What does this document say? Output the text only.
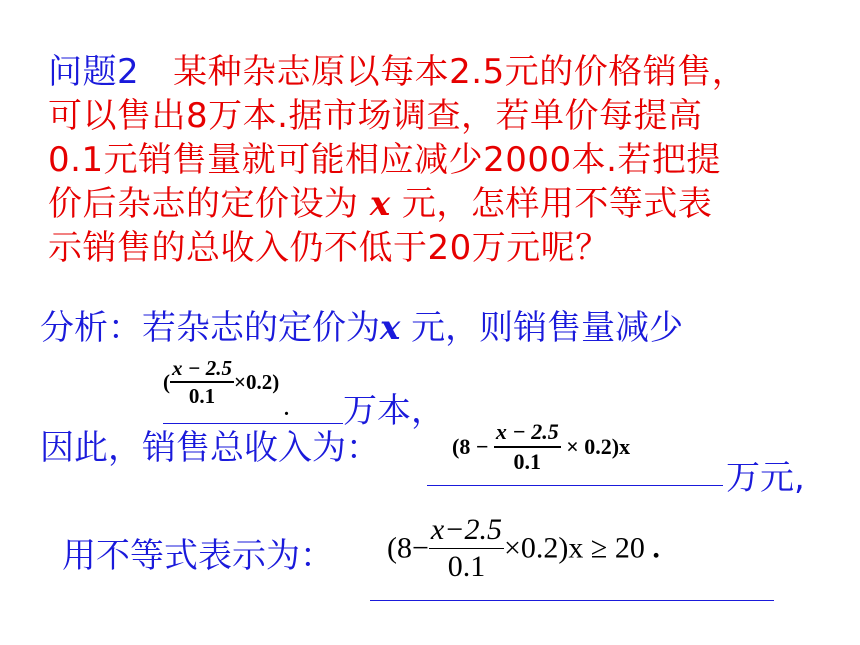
问题2 某种杂志原以每本2.5元的价格销售，
可以售出8万本.据市场调查，若单价每提高
0.1元销售量就可能相应减少2000本.若把提
价后杂志的定价设为 x 元，怎样用不等式表
示销售的总收入仍不低于20万元呢？
分析：若杂志的定价为x 元，则销售量减少
( $\frac{x - 2.5}{0.1} \times 0.2$)
. 万本，
因此，销售总收入为：	$(8 - \frac{x - 2.5}{0.1} \times 0.2)x$
万元,
用不等式表示为： $(8- \frac{x-2.5}{0.1} \times 0.2)x \ge 20$ .
